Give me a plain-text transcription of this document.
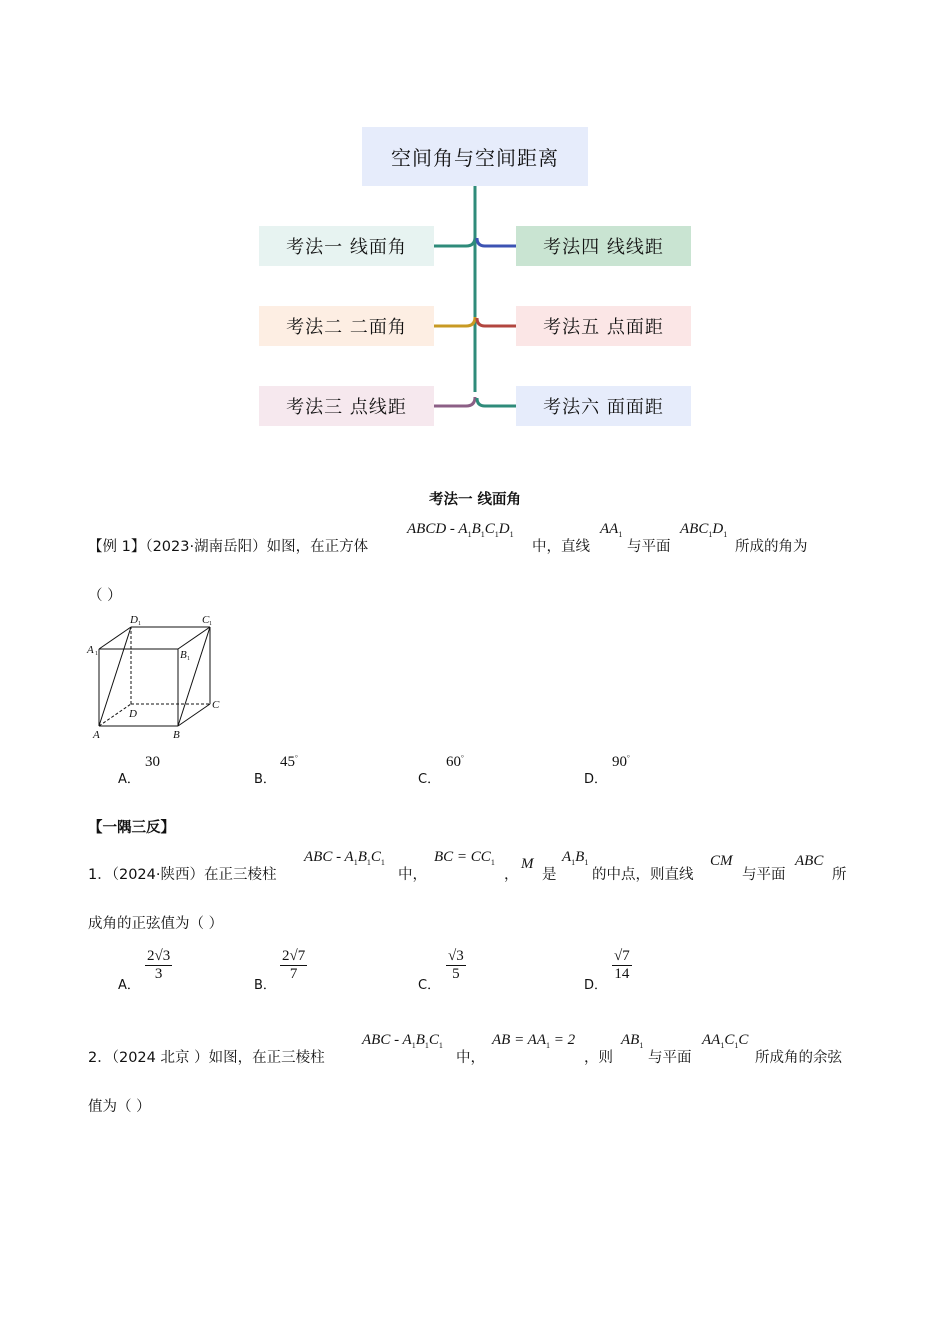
空间角与空间距离
考法一 线面角
考法二 二面角
考法三 点线距
考法四 线线距
考法五 点面距
考法六 面面距
考法一 线面角
【例 1】（2023·湖南岳阳）如图，在正方体
ABCD - $A_1B_1C_1D_1$
中，直线
$AA_1$
与平面
$ABC_1D_1$
所成的角为
（ ）
A	B
C
D
A 1	B 1
C 1
D 1
A．
30
B．
45°
C．
60°
D．
90°
【一隅三反】
1．（2024·陕西）在正三棱柱
ABC - $A_1B_1C_1$
中，
BC = $CC_1$
，
M
是
$A_1B_1$
的中点，则直线
CM
与平面
ABC
所
成角的正弦值为（ ）
A．
$\frac{2√3}{3}$
B．
$\frac{2√7}{7}$
C．
$\frac{√3}{5}$
D．
$\frac{√7}{14}$
2．（2024 北京 ）如图，在正三棱柱
ABC - $A_1B_1C_1$
中，
AB = $AA_1 = 2$
，则
$AB_1$
与平面
$AA_1C_1C$
所成角的余弦
值为（ ）
